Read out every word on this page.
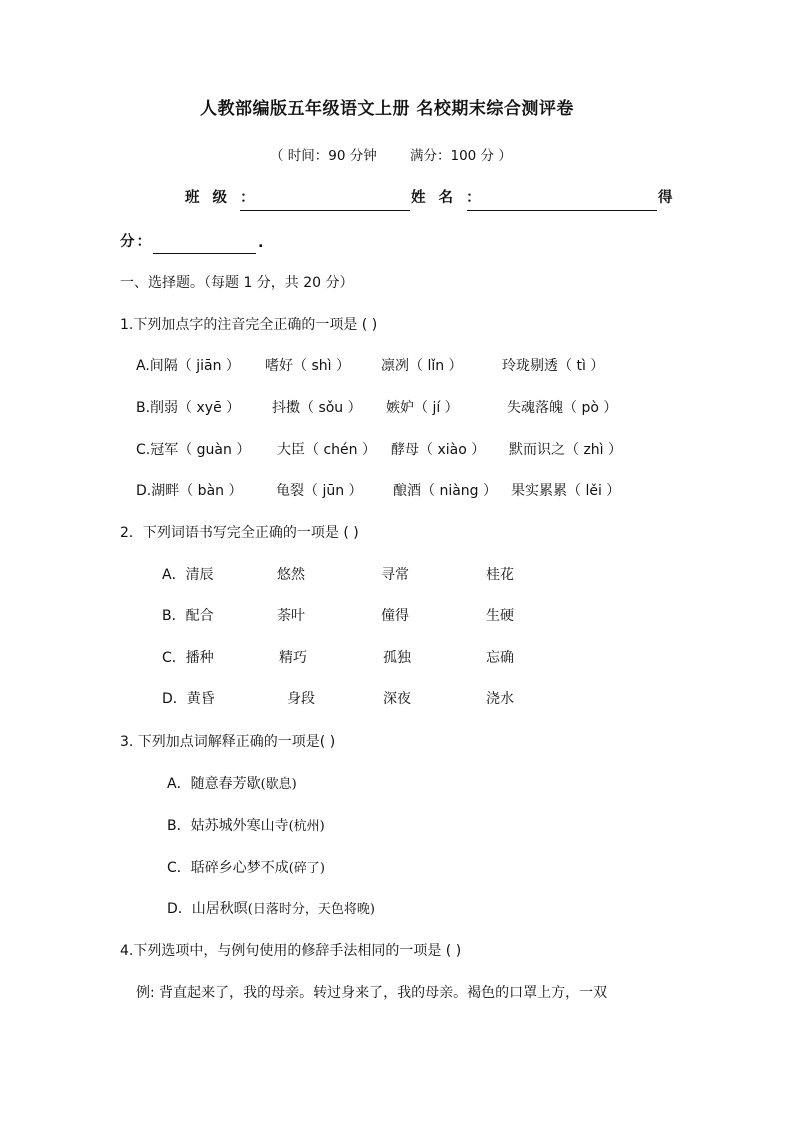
人教部编版五年级语文上册 名校期末综合测评卷
（ 时间：90 分钟 满分：100 分 ）
班 级 ：	姓 名 ：	得
分：	.
一、选择题。（每题 1 分，共 20 分）
1.下列加点字的注音完全正确的一项是 ( )
A.间隔（ jiān ） 嗜好（ shì ） 凛冽（ lǐn ）	玲珑剔透（ tì ）
B.削弱（ xyē ） 抖擞（ sǒu ） 嫉妒（ jí ）	失魂落魄（ pò ）
C.冠军（ guàn ） 大臣（ chén ） 酵母（ xiào ） 默而识之（ zhì ）
D.湖畔（ bàn ） 龟裂（ jūn ） 酿酒（ niàng ） 果实累累（ lěi ）
2．下列词语书写完全正确的一项是 ( )
A．清辰	悠然	寻常	桂花
B．配合	荼叶	僮得	生硬
C．播种	精巧	孤独	忘确
D．黄昏	身段	深夜	浇水
3. 下列加点词解释正确的一项是( )
A．随意春芳歇(歇息)
B．姑苏城外寒山寺(杭州)
C．聒碎乡心梦不成(碎了)
D．山居秋暝(日落时分，天色将晚)
4.下列选项中，与例句使用的修辞手法相同的一项是 ( )
例: 背直起来了，我的母亲。转过身来了，我的母亲。褐色的口罩上方，一双
